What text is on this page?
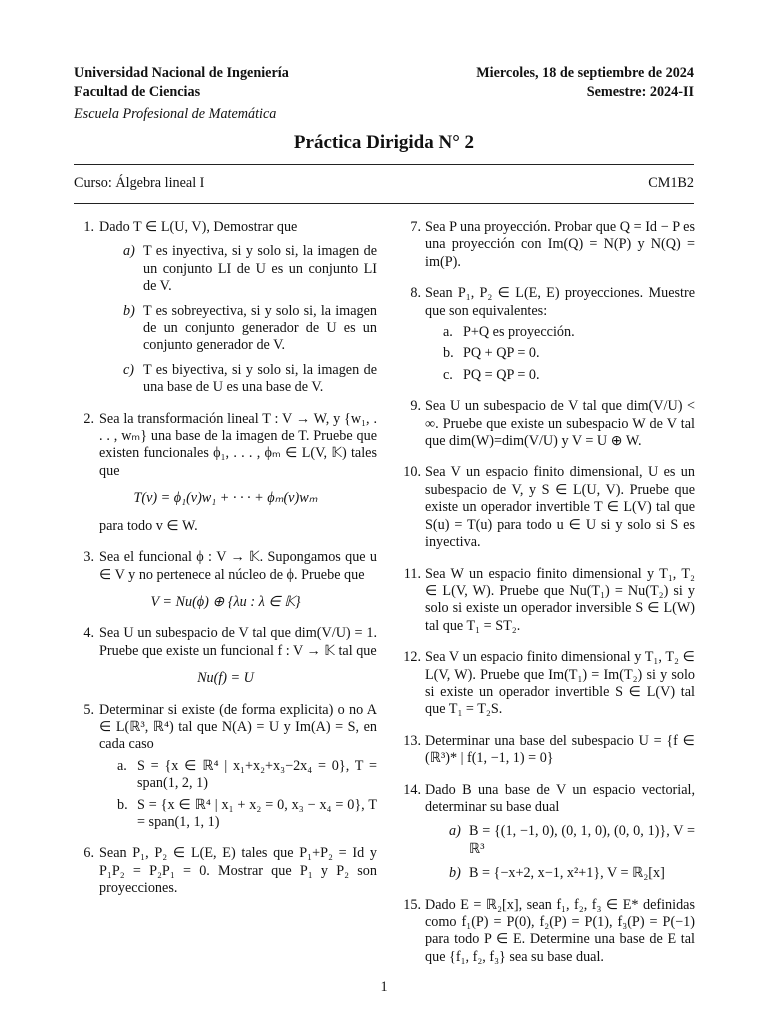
Universidad Nacional de Ingeniería	Miercoles, 18 de septiembre de 2024
Facultad de Ciencias	Semestre: 2024-II
Escuela Profesional de Matemática
Práctica Dirigida N° 2
Curso: Álgebra lineal I	CM1B2
1. Dado T ∈ L(U, V), Demostrar que
a) T es inyectiva, si y solo si, la imagen de un conjunto LI de U es un conjunto LI de V.
b) T es sobreyectiva, si y solo si, la imagen de un conjunto generador de U es un conjunto generador de V.
c) T es biyectiva, si y solo si, la imagen de una base de U es una base de V.
2. Sea la transformación lineal T : V → W, y {w₁, . . . , wₘ} una base de la imagen de T. Pruebe que existen funcionales ϕ₁, . . . , ϕₘ ∈ L(V, 𝕂) tales que
T(v) = ϕ₁(v)w₁ + · · · + ϕₘ(v)wₘ
para todo v ∈ W.
3. Sea el funcional ϕ : V → 𝕂. Supongamos que u ∈ V y no pertenece al núcleo de ϕ. Pruebe que
V = Nu(ϕ) ⊕ {λu : λ ∈ 𝕂}
4. Sea U un subespacio de V tal que dim(V/U) = 1. Pruebe que existe un funcional f : V → 𝕂 tal que
Nu(f) = U
5. Determinar si existe (de forma explicita) o no A ∈ L(ℝ³, ℝ⁴) tal que N(A) = U y Im(A) = S, en cada caso
a. S = {x ∈ ℝ⁴ | x₁+x₂+x₃−2x₄ = 0}, T = span(1, 2, 1)
b. S = {x ∈ ℝ⁴ | x₁ + x₂ = 0, x₃ − x₄ = 0}, T = span(1, 1, 1)
6. Sean P₁, P₂ ∈ L(E, E) tales que P₁+P₂ = Id y P₁P₂ = P₂P₁ = 0. Mostrar que P₁ y P₂ son proyecciones.
7. Sea P una proyección. Probar que Q = Id − P es una proyección con Im(Q) = N(P) y N(Q) = im(P).
8. Sean P₁, P₂ ∈ L(E, E) proyecciones. Muestre que son equivalentes:
a. P+Q es proyección.
b. PQ + QP = 0.
c. PQ = QP = 0.
9. Sea U un subespacio de V tal que dim(V/U) < ∞. Pruebe que existe un subespacio W de V tal que dim(W)=dim(V/U) y V = U ⊕ W.
10. Sea V un espacio finito dimensional, U es un subespacio de V, y S ∈ L(U, V). Pruebe que existe un operador invertible T ∈ L(V) tal que S(u) = T(u) para todo u ∈ U si y solo si S es inyectiva.
11. Sea W un espacio finito dimensional y T₁, T₂ ∈ L(V, W). Pruebe que Nu(T₁) = Nu(T₂) si y solo si existe un operador inversible S ∈ L(W) tal que T₁ = ST₂.
12. Sea V un espacio finito dimensional y T₁, T₂ ∈ L(V, W). Pruebe que Im(T₁) = Im(T₂) si y solo si existe un operador invertible S ∈ L(V) tal que T₁ = T₂S.
13. Determinar una base del subespacio U = {f ∈ (ℝ³)* | f(1, −1, 1) = 0}
14. Dado B una base de V un espacio vectorial, determinar su base dual
a) B = {(1, −1, 0), (0, 1, 0), (0, 0, 1)}, V = ℝ³
b) B = {−x+2, x−1, x²+1}, V = ℝ₂[x]
15. Dado E = ℝ₂[x], sean f₁, f₂, f₃ ∈ E* definidas como f₁(P) = P(0), f₂(P) = P(1), f₃(P) = P(−1) para todo P ∈ E. Determine una base de E tal que {f₁, f₂, f₃} sea su base dual.
1
